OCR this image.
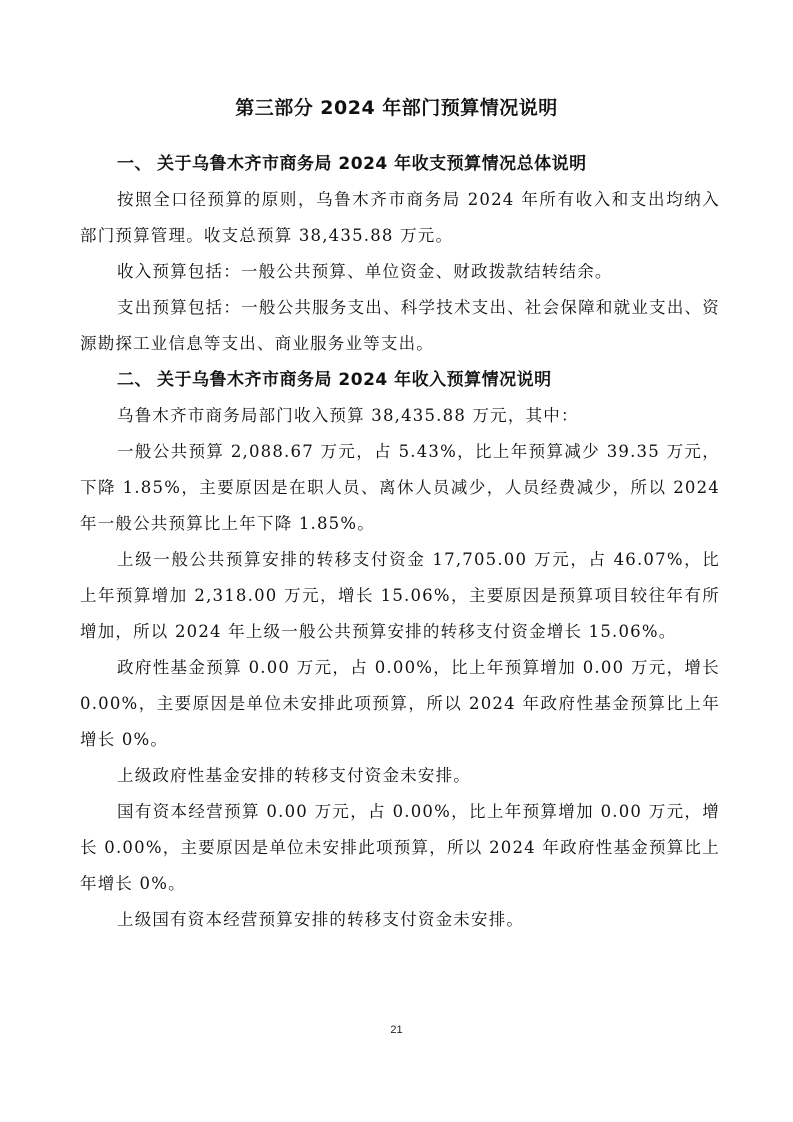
第三部分 2024 年部门预算情况说明
一、 关于乌鲁木齐市商务局 2024 年收支预算情况总体说明

按照全口径预算的原则，乌鲁木齐市商务局 2024 年所有收入和支出均纳入部门预算管理。收支总预算 38,435.88 万元。

收入预算包括：一般公共预算、单位资金、财政拨款结转结余。

支出预算包括：一般公共服务支出、科学技术支出、社会保障和就业支出、资源勘探工业信息等支出、商业服务业等支出。

二、 关于乌鲁木齐市商务局 2024 年收入预算情况说明

乌鲁木齐市商务局部门收入预算 38,435.88 万元，其中：

一般公共预算 2,088.67 万元，占 5.43%，比上年预算减少 39.35 万元，下降 1.85%，主要原因是在职人员、离休人员减少，人员经费减少，所以 2024 年一般公共预算比上年下降 1.85%。

上级一般公共预算安排的转移支付资金 17,705.00 万元，占 46.07%，比上年预算增加 2,318.00 万元，增长 15.06%，主要原因是预算项目较往年有所增加，所以 2024 年上级一般公共预算安排的转移支付资金增长 15.06%。

政府性基金预算 0.00 万元，占 0.00%，比上年预算增加 0.00 万元，增长 0.00%，主要原因是单位未安排此项预算，所以 2024 年政府性基金预算比上年增长 0%。

上级政府性基金安排的转移支付资金未安排。

国有资本经营预算 0.00 万元，占 0.00%，比上年预算增加 0.00 万元，增长 0.00%，主要原因是单位未安排此项预算，所以 2024 年政府性基金预算比上年增长 0%。

上级国有资本经营预算安排的转移支付资金未安排。

21
